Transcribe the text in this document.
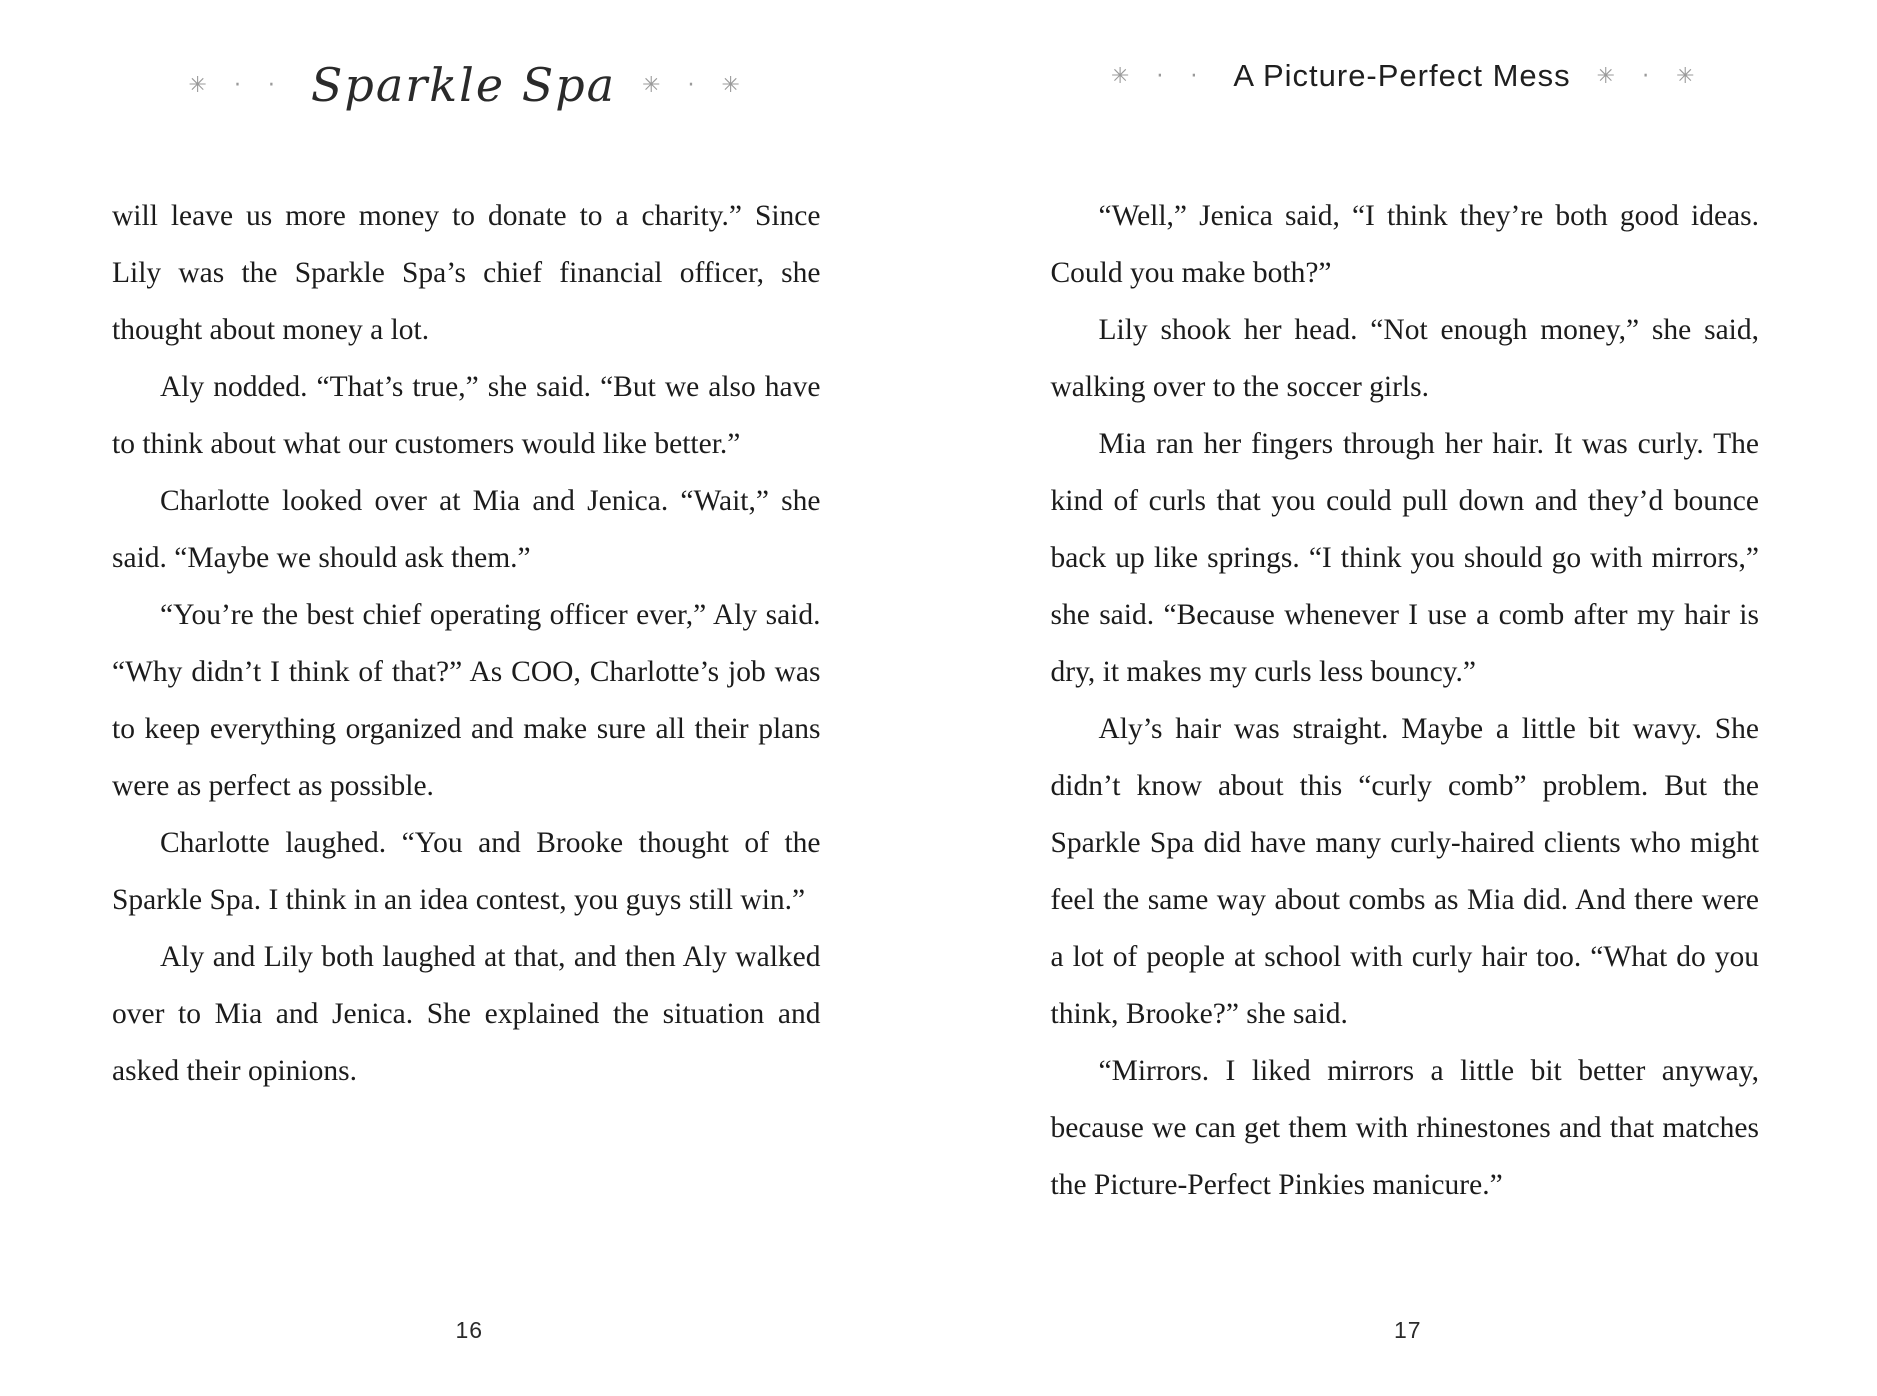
✳ · · Sparkle Spa ✳ · ✳

will leave us more money to donate to a charity.” Since Lily was the Sparkle Spa’s chief financial officer, she thought about money a lot.

Aly nodded. “That’s true,” she said. “But we also have to think about what our customers would like better.”

Charlotte looked over at Mia and Jenica. “Wait,” she said. “Maybe we should ask them.”

“You’re the best chief operating officer ever,” Aly said. “Why didn’t I think of that?” As COO, Charlotte’s job was to keep everything organized and make sure all their plans were as perfect as possible.

Charlotte laughed. “You and Brooke thought of the Sparkle Spa. I think in an idea contest, you guys still win.”

Aly and Lily both laughed at that, and then Aly walked over to Mia and Jenica. She explained the situation and asked their opinions.

16
✳ · · A Picture-Perfect Mess ✳ · ✳

“Well,” Jenica said, “I think they’re both good ideas. Could you make both?”

Lily shook her head. “Not enough money,” she said, walking over to the soccer girls.

Mia ran her fingers through her hair. It was curly. The kind of curls that you could pull down and they’d bounce back up like springs. “I think you should go with mirrors,” she said. “Because whenever I use a comb after my hair is dry, it makes my curls less bouncy.”

Aly’s hair was straight. Maybe a little bit wavy. She didn’t know about this “curly comb” problem. But the Sparkle Spa did have many curly-haired clients who might feel the same way about combs as Mia did. And there were a lot of people at school with curly hair too. “What do you think, Brooke?” she said.

“Mirrors. I liked mirrors a little bit better anyway, because we can get them with rhinestones and that matches the Picture-Perfect Pinkies manicure.”

17
